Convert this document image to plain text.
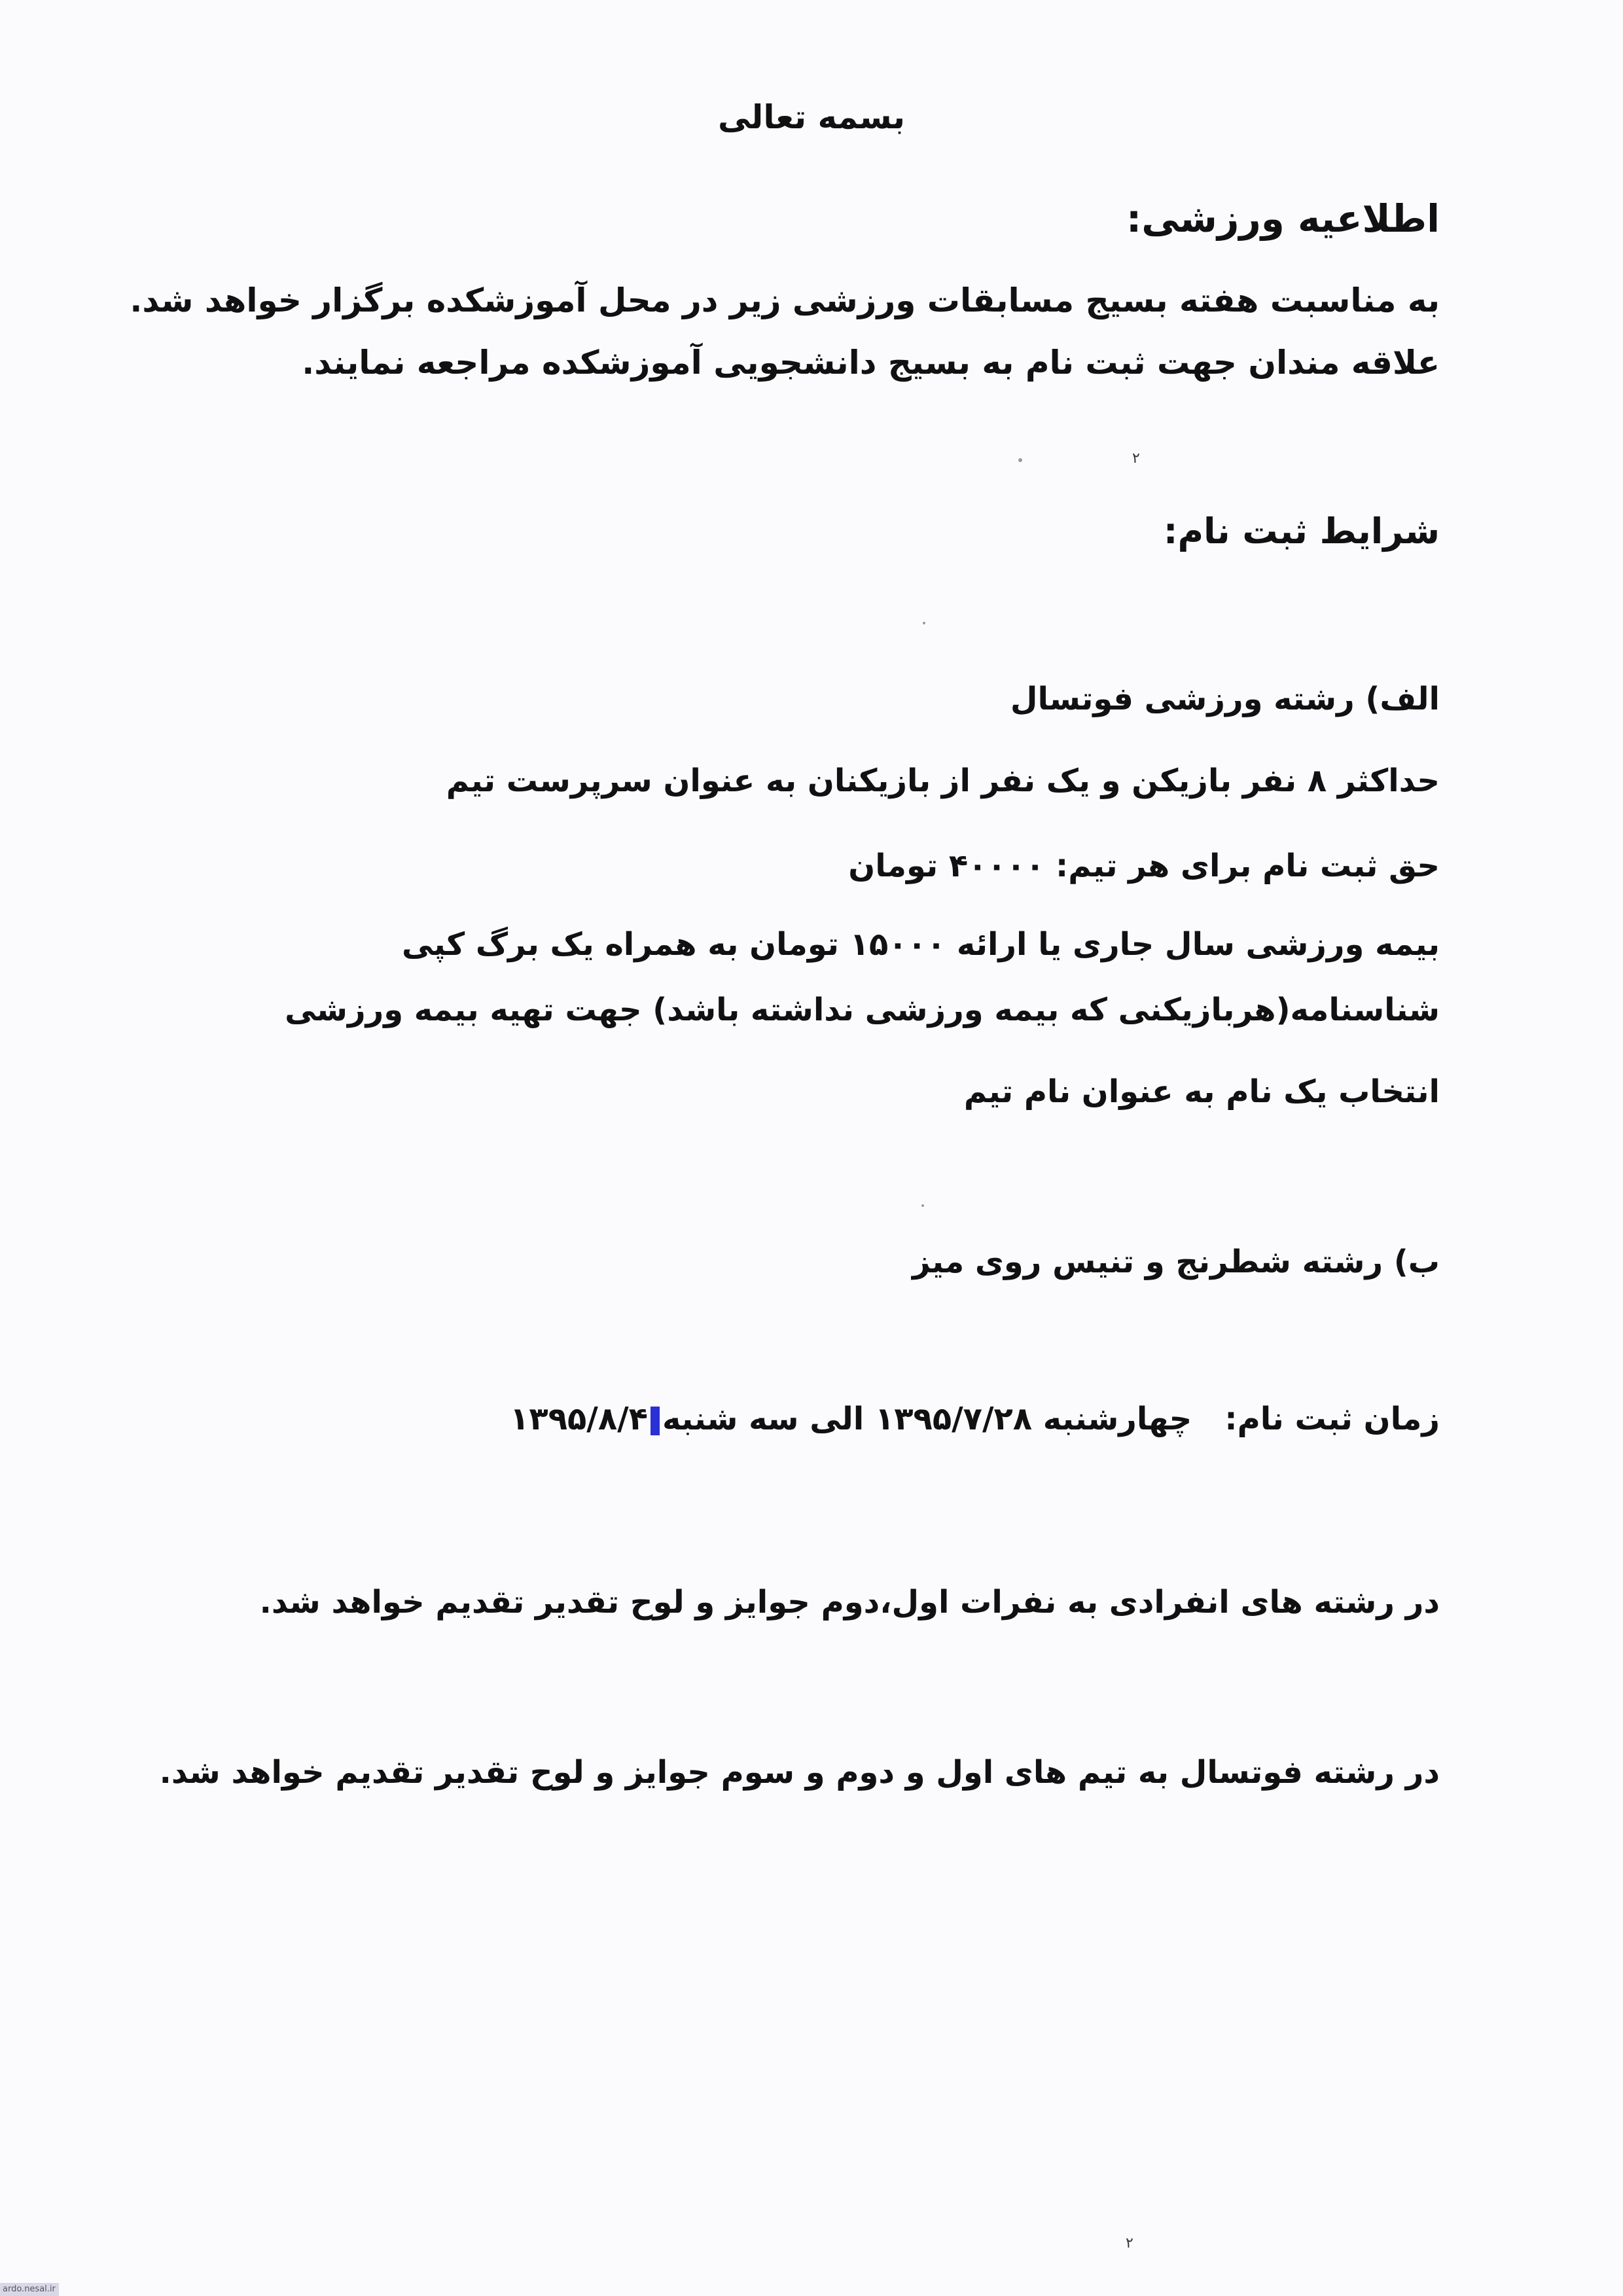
بسمه تعالی
اطلاعیه ورزشی:
به مناسبت هفته بسیج مسابقات ورزشی زیر در محل آموزشکده برگزار خواهد شد.
علاقه مندان جهت ثبت نام به بسیج دانشجویی آموزشکده مراجعه نمایند.
۲
شرایط ثبت نام:
الف) رشته ورزشی فوتسال
حداکثر ۸ نفر بازیکن و یک نفر از بازیکنان به عنوان سرپرست تیم
حق ثبت نام برای هر تیم: ۴۰۰۰۰ تومان
بیمه ورزشی سال جاری یا ارائه ۱۵۰۰۰ تومان به همراه یک برگ کپی
شناسنامه(هربازیکنی که بیمه ورزشی نداشته باشد) جهت تهیه بیمه ورزشی
انتخاب یک نام به عنوان نام تیم
ب) رشته شطرنج و تنیس روی میز
زمان ثبت نام:   چهارشنبه ۱۳۹۵/۷/۲۸ الی سه شنبه۱۳۹۵/۸/۴
در رشته های انفرادی به نفرات اول،دوم جوایز و لوح تقدیر تقدیم خواهد شد.
در رشته فوتسال به تیم های اول و دوم و سوم جوایز و لوح تقدیر تقدیم خواهد شد.
۲
ardo.nesal.ir
